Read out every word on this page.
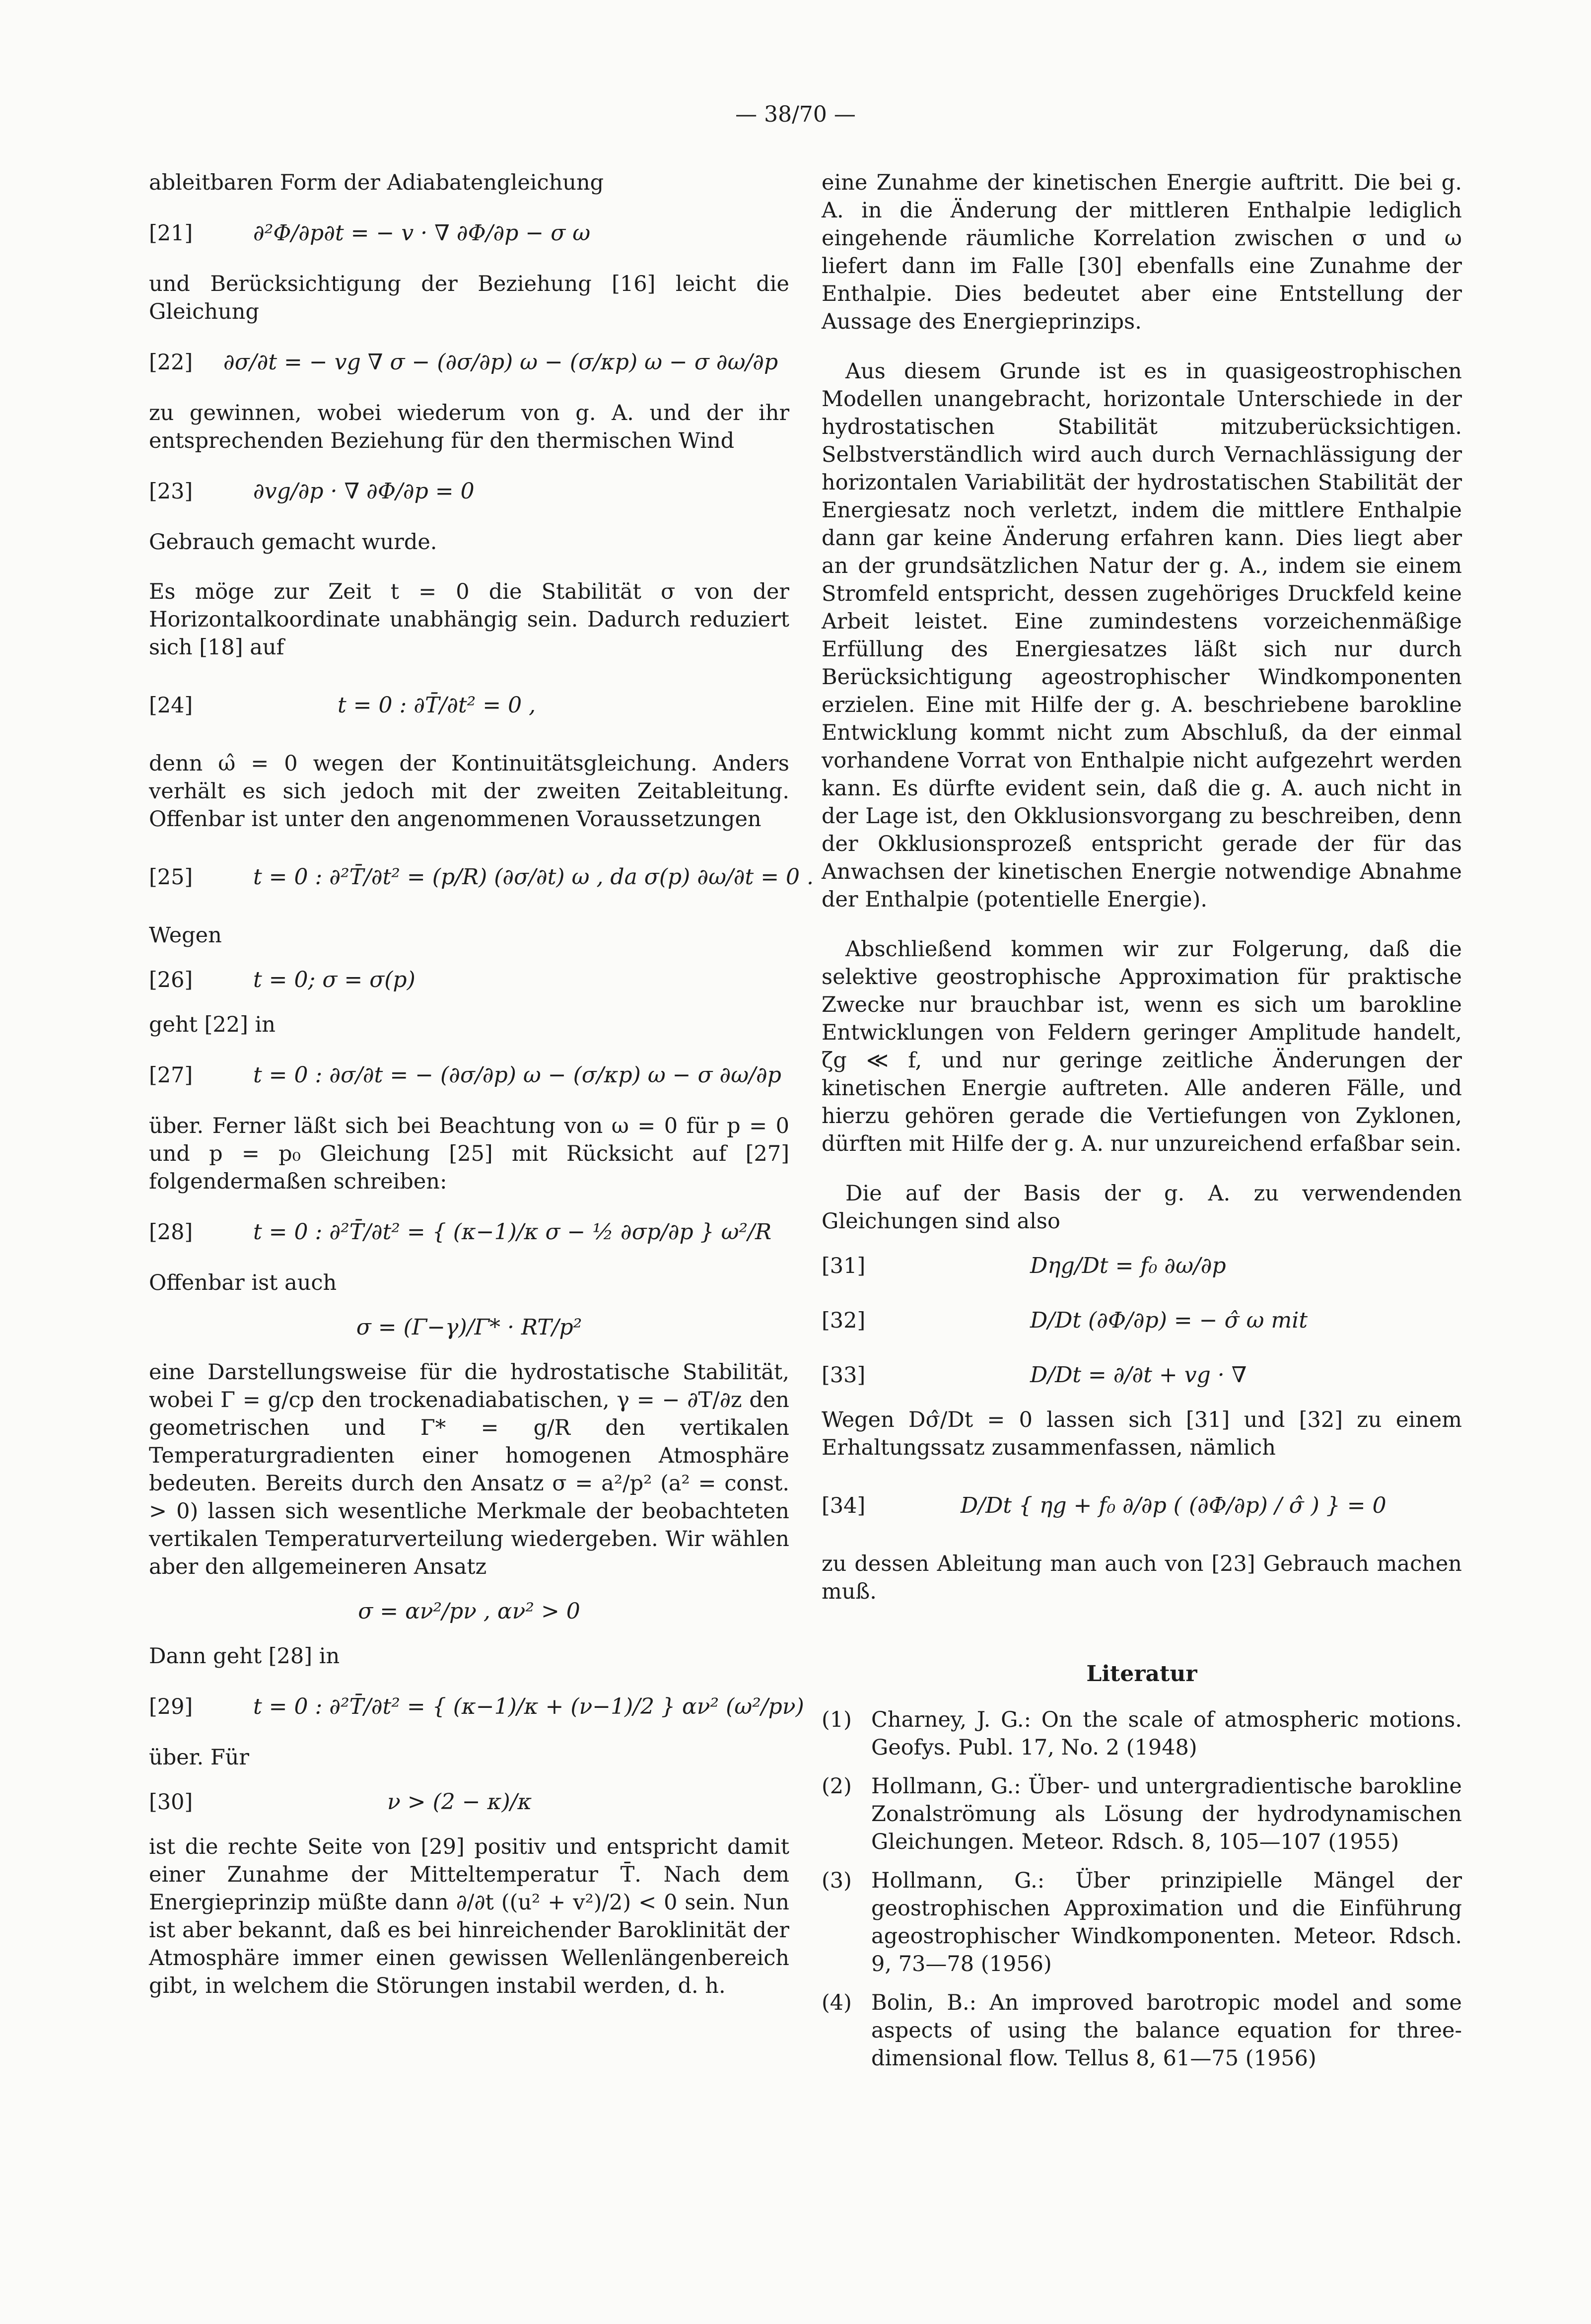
— 38/70 —

ableitbaren Form der Adiabatengleichung

[21]	∂²Φ/∂p∂t = − v · ∇ ∂Φ/∂p − σ ω

und Berücksichtigung der Beziehung [16] leicht die Gleichung

[22] ∂σ/∂t = − vg ∇ σ − (∂σ/∂p) ω − (σ/κp) ω − σ ∂ω/∂p

zu gewinnen, wobei wiederum von g. A. und der ihr entsprechenden Beziehung für den thermischen Wind

[23]	∂vg/∂p · ∇ ∂Φ/∂p = 0

Gebrauch gemacht wurde.

Es möge zur Zeit t = 0 die Stabilität σ von der Horizontalkoordinate unabhängig sein. Dadurch reduziert sich [18] auf

[24]	t = 0 : ∂T̄/∂t² = 0 ,

denn ω̂ = 0 wegen der Kontinuitätsgleichung. Anders verhält es sich jedoch mit der zweiten Zeitableitung. Offenbar ist unter den angenommenen Voraussetzungen

[25]	t = 0 : ∂²T̄/∂t² = (p/R) (∂σ/∂t) ω , da σ(p) ∂ω/∂t = 0 .

Wegen

[26]	t = 0; σ = σ(p)

geht [22] in

[27]	t = 0 : ∂σ/∂t = − (∂σ/∂p) ω − (σ/κp) ω − σ ∂ω/∂p

über. Ferner läßt sich bei Beachtung von ω = 0 für p = 0 und p = p₀ Gleichung [25] mit Rücksicht auf [27] folgendermaßen schreiben:

[28]	t = 0 : ∂²T̄/∂t² = { (κ−1)/κ σ − ½ ∂σp/∂p } ω²/R

Offenbar ist auch

σ = (Γ−γ)/Γ* · RT/p²

eine Darstellungsweise für die hydrostatische Stabilität, wobei Γ = g/cp den trockenadiabatischen, γ = − ∂T/∂z den geometrischen und Γ* = g/R den vertikalen Temperaturgradienten einer homogenen Atmosphäre bedeuten. Bereits durch den Ansatz σ = a²/p² (a² = const. > 0) lassen sich wesentliche Merkmale der beobachteten vertikalen Temperaturverteilung wiedergeben. Wir wählen aber den allgemeineren Ansatz

σ = αν²/pν , αν² > 0

Dann geht [28] in

[29]	t = 0 : ∂²T̄/∂t² = { (κ−1)/κ + (ν−1)/2 } αν² (ω²/pν)

über. Für

[30]	ν > (2 − κ)/κ

ist die rechte Seite von [29] positiv und entspricht damit einer Zunahme der Mitteltemperatur T̄. Nach dem Energieprinzip müßte dann ∂/∂t ((u² + v²)/2) < 0 sein. Nun ist aber bekannt, daß es bei hinreichender Baroklinität der Atmosphäre immer einen gewissen Wellenlängenbereich gibt, in welchem die Störungen instabil werden, d. h.

eine Zunahme der kinetischen Energie auftritt. Die bei g. A. in die Änderung der mittleren Enthalpie lediglich eingehende räumliche Korrelation zwischen σ und ω liefert dann im Falle [30] ebenfalls eine Zunahme der Enthalpie. Dies bedeutet aber eine Entstellung der Aussage des Energieprinzips.

Aus diesem Grunde ist es in quasigeostrophischen Modellen unangebracht, horizontale Unterschiede in der hydrostatischen Stabilität mitzuberücksichtigen. Selbstverständlich wird auch durch Vernachlässigung der horizontalen Variabilität der hydrostatischen Stabilität der Energiesatz noch verletzt, indem die mittlere Enthalpie dann gar keine Änderung erfahren kann. Dies liegt aber an der grundsätzlichen Natur der g. A., indem sie einem Stromfeld entspricht, dessen zugehöriges Druckfeld keine Arbeit leistet. Eine zumindestens vorzeichenmäßige Erfüllung des Energiesatzes läßt sich nur durch Berücksichtigung ageostrophischer Windkomponenten erzielen. Eine mit Hilfe der g. A. beschriebene barokline Entwicklung kommt nicht zum Abschluß, da der einmal vorhandene Vorrat von Enthalpie nicht aufgezehrt werden kann. Es dürfte evident sein, daß die g. A. auch nicht in der Lage ist, den Okklusionsvorgang zu beschreiben, denn der Okklusionsprozeß entspricht gerade der für das Anwachsen der kinetischen Energie notwendige Abnahme der Enthalpie (potentielle Energie).

Abschließend kommen wir zur Folgerung, daß die selektive geostrophische Approximation für praktische Zwecke nur brauchbar ist, wenn es sich um barokline Entwicklungen von Feldern geringer Amplitude handelt, ζg ≪ f, und nur geringe zeitliche Änderungen der kinetischen Energie auftreten. Alle anderen Fälle, und hierzu gehören gerade die Vertiefungen von Zyklonen, dürften mit Hilfe der g. A. nur unzureichend erfaßbar sein.

Die auf der Basis der g. A. zu verwendenden Gleichungen sind also

[31]	Dηg/Dt = f₀ ∂ω/∂p
[32]	D/Dt (∂Φ/∂p) = − σ̂ ω mit
[33]	D/Dt = ∂/∂t + vg · ∇

Wegen Dσ̂/Dt = 0 lassen sich [31] und [32] zu einem Erhaltungssatz zusammenfassen, nämlich

[34]	D/Dt { ηg + f₀ ∂/∂p ( (∂Φ/∂p) / σ̂ ) } = 0

zu dessen Ableitung man auch von [23] Gebrauch machen muß.

Literatur
(1) Charney, J. G.: On the scale of atmospheric motions. Geofys. Publ. 17, No. 2 (1948)
(2) Hollmann, G.: Über- und untergradientische barokline Zonalströmung als Lösung der hydrodynamischen Gleichungen. Meteor. Rdsch. 8, 105—107 (1955)
(3) Hollmann, G.: Über prinzipielle Mängel der geostrophischen Approximation und die Einführung ageostrophischer Windkomponenten. Meteor. Rdsch. 9, 73—78 (1956)
(4) Bolin, B.: An improved barotropic model and some aspects of using the balance equation for three-dimensional flow. Tellus 8, 61—75 (1956)
